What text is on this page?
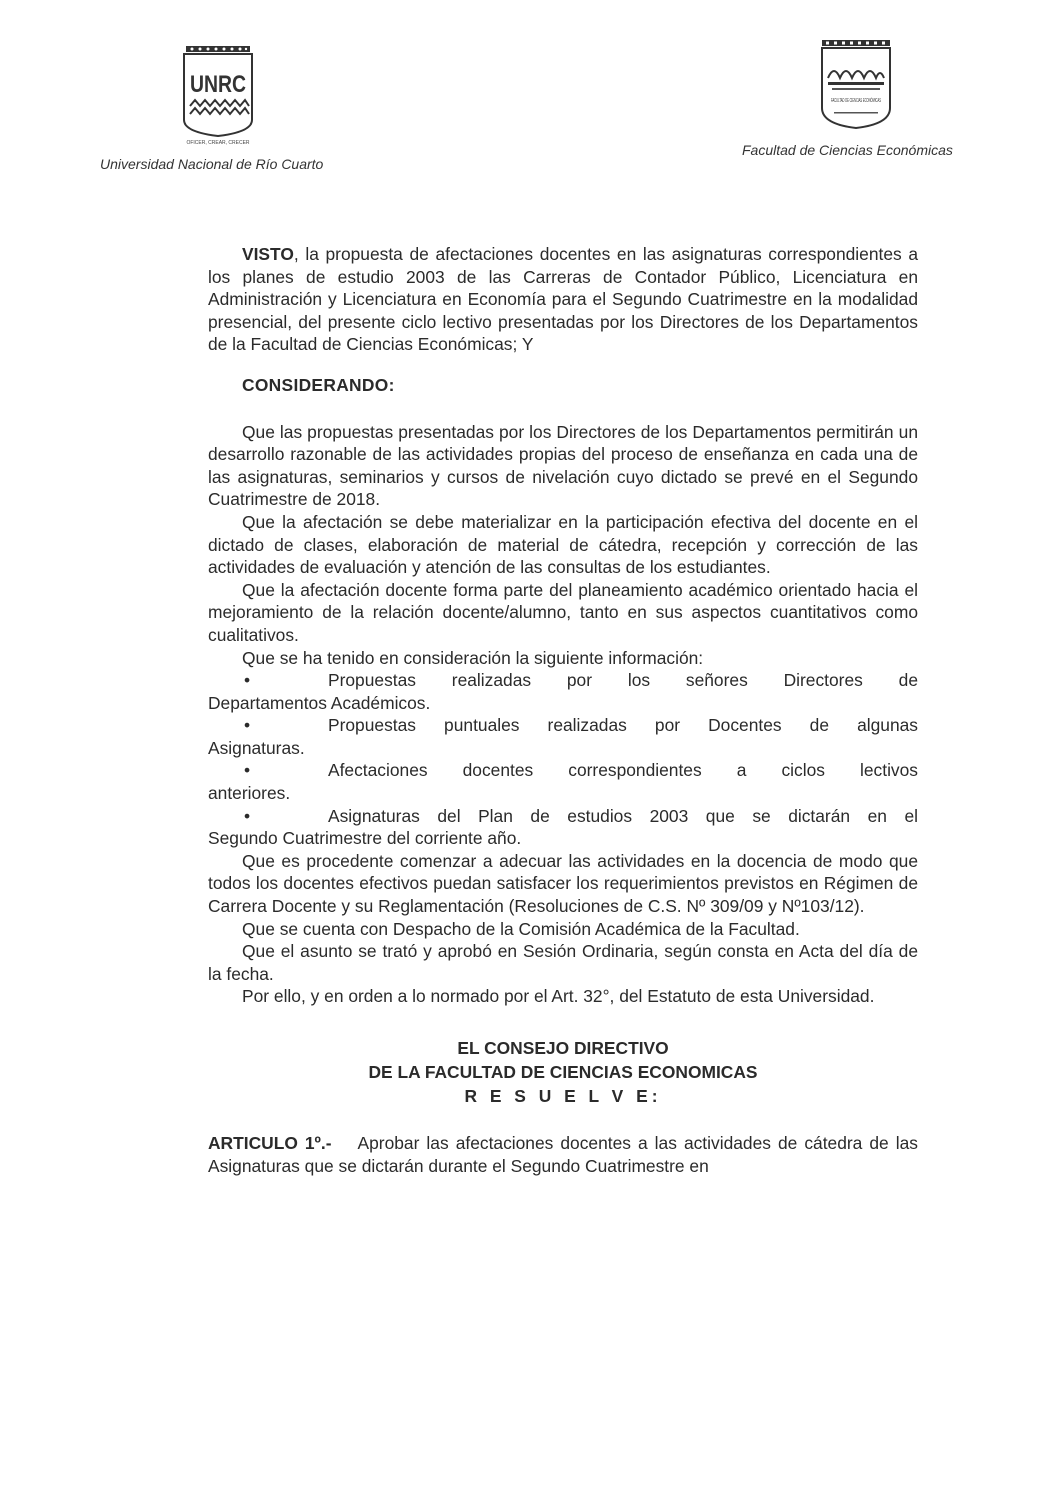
UNRC
OFICER, CREAR, CRECER
FACULTAD DE CIENCIAS ECONÓMICAS
Universidad Nacional de Río Cuarto
Facultad de Ciencias Económicas

VISTO, la propuesta de afectaciones docentes en las asignaturas correspondientes a los planes de estudio 2003 de las Carreras de Contador Público, Licenciatura en Administración y Licenciatura en Economía para el Segundo Cuatrimestre en la modalidad presencial, del presente ciclo lectivo presentadas por los Directores de los Departamentos de la Facultad de Ciencias Económicas; Y

CONSIDERANDO:

Que las propuestas presentadas por los Directores de los Departamentos permitirán un desarrollo razonable de las actividades propias del proceso de enseñanza en cada una de las asignaturas, seminarios y cursos de nivelación cuyo dictado se prevé en el Segundo Cuatrimestre de 2018.

Que la afectación se debe materializar en la participación efectiva del docente en el dictado de clases, elaboración de material de cátedra, recepción y corrección de las actividades de evaluación y atención de las consultas de los estudiantes.

Que la afectación docente forma parte del planeamiento académico orientado hacia el mejoramiento de la relación docente/alumno, tanto en sus aspectos cuantitativos como cualitativos.

Que se ha tenido en consideración la siguiente información:

•	Propuestas realizadas por los señores Directores de

Departamentos Académicos.

•	Propuestas puntuales realizadas por Docentes de algunas

Asignaturas.

•	Afectaciones docentes correspondientes a ciclos lectivos

anteriores.

•	Asignaturas del Plan de estudios 2003 que se dictarán en el

Segundo Cuatrimestre del corriente año.

Que es procedente comenzar a adecuar las actividades en la docencia de modo que todos los docentes efectivos puedan satisfacer los requerimientos previstos en Régimen de Carrera Docente y su Reglamentación (Resoluciones de C.S. Nº 309/09 y Nº103/12).

Que se cuenta con Despacho de la Comisión Académica de la Facultad.

Que el asunto se trató y aprobó en Sesión Ordinaria, según consta en Acta del día de la fecha.

Por ello, y en orden a lo normado por el Art. 32°, del Estatuto de esta Universidad.

EL CONSEJO DIRECTIVO
DE LA FACULTAD DE CIENCIAS ECONOMICAS
R E S U E L V E:

ARTICULO 1º.- Aprobar las afectaciones docentes a las actividades de cátedra de las Asignaturas que se dictarán durante el Segundo Cuatrimestre en
